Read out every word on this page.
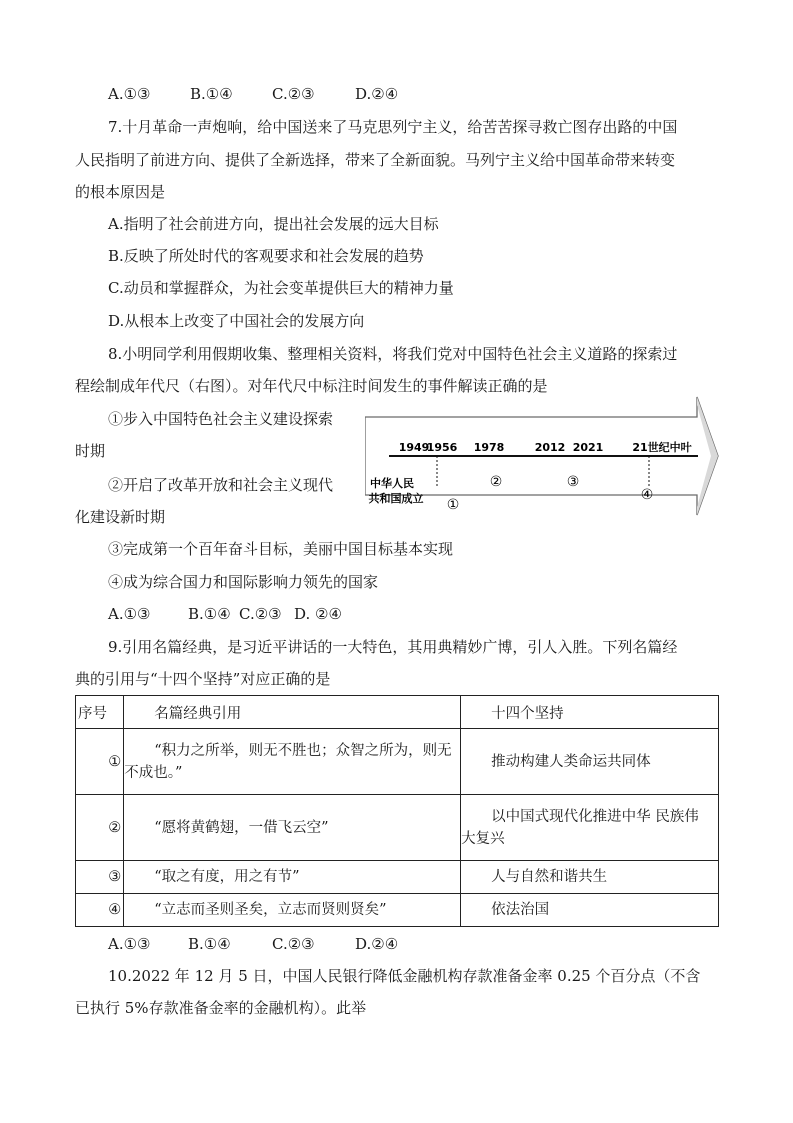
A.①③	B.①④	C.②③	D.②④
7.十月革命一声炮响，给中国送来了马克思列宁主义，给苦苦探寻救亡图存出路的中国
人民指明了前进方向、提供了全新选择，带来了全新面貌。马列宁主义给中国革命带来转变
的根本原因是
A.指明了社会前进方向，提出社会发展的远大目标
B.反映了所处时代的客观要求和社会发展的趋势
C.动员和掌握群众，为社会变革提供巨大的精神力量
D.从根本上改变了中国社会的发展方向
8.小明同学利用假期收集、整理相关资料，将我们党对中国特色社会主义道路的探索过
程绘制成年代尺（右图）。对年代尺中标注时间发生的事件解读正确的是
①步入中国特色社会主义建设探索
时期
②开启了改革开放和社会主义现代
化建设新时期
③完成第一个百年奋斗目标，美丽中国目标基本实现
④成为综合国力和国际影响力领先的国家
A.①③	B.①④ C.②③ D. ②④
1949
1956 1978	2012 2021	21世纪中叶
中华人民
共和国成立 ①
②	③
④
9.引用名篇经典，是习近平讲话的一大特色，其用典精妙广博，引人入胜。下列名篇经
典的引用与“十四个坚持”对应正确的是
序号	名篇经典引用	十四个坚持
①	“积力之所举，则无不胜也；众智之所为，则无
不成也。”	推动构建人类命运共同体

②	“愿将黄鹤翅，一借飞云空”	以中国式现代化推进中华 民族伟
大复兴

③	“取之有度，用之有节”	人与自然和谐共生

④	“立志而圣则圣矣，立志而贤则贤矣”	依法治国
A.①③	B.①④	C.②③	D.②④
10.2022 年 12 月 5 日，中国人民银行降低金融机构存款准备金率 0.25 个百分点（不含
已执行 5%存款准备金率的金融机构）。此举
